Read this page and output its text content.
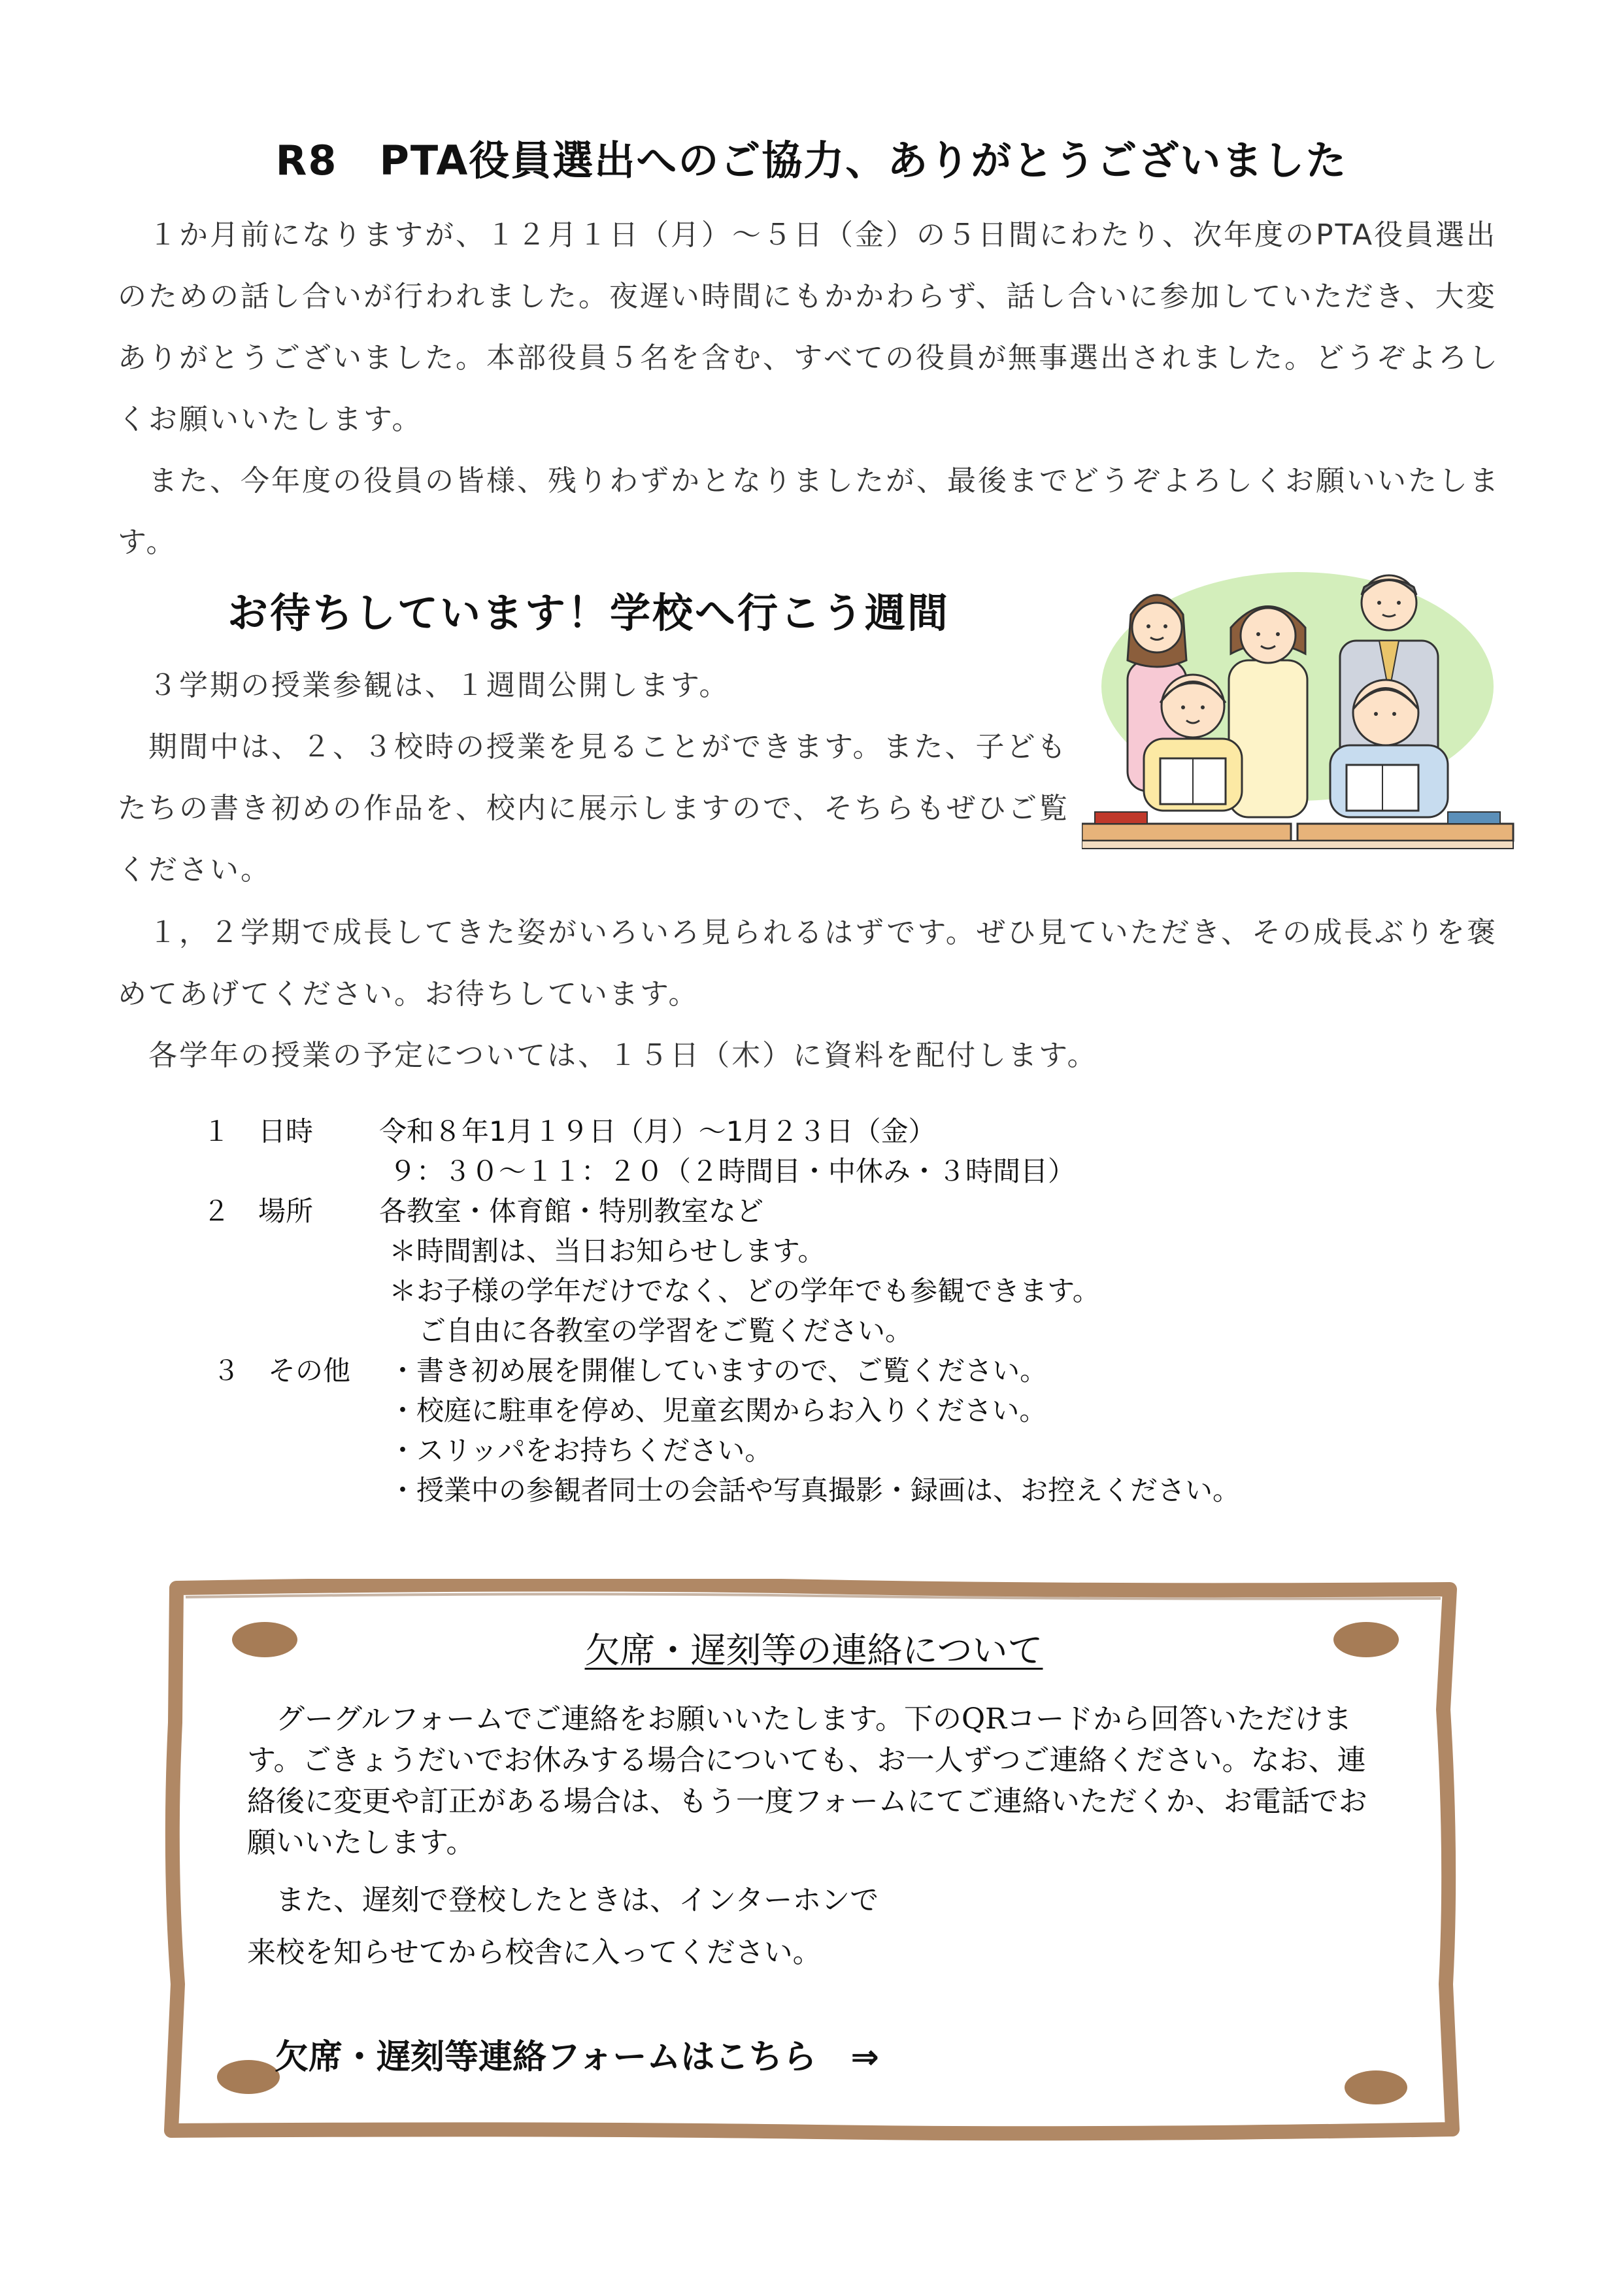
R8　PTA役員選出へのご協力、ありがとうございました

　１か月前になりますが、１２月１日（月）～５日（金）の５日間にわたり、次年度のPTA役員選出のための話し合いが行われました。夜遅い時間にもかかわらず、話し合いに参加していただき、大変ありがとうございました。本部役員５名を含む、すべての役員が無事選出されました。どうぞよろしくお願いいたします。

　また、今年度の役員の皆様、残りわずかとなりましたが、最後までどうぞよろしくお願いいたします。

お待ちしています！学校へ行こう週間

　３学期の授業参観は、１週間公開します。

　期間中は、２、３校時の授業を見ることができます。また、子どもたちの書き初めの作品を、校内に展示しますので、そちらもぜひご覧ください。

　１，２学期で成長してきた姿がいろいろ見られるはずです。ぜひ見ていただき、その成長ぶりを褒めてあげてください。お待ちしています。

　各学年の授業の予定については、１５日（木）に資料を配付します。

１ 日時 令和８年1月１９日（月）～1月２３日（金）
９：３０～１１：２０（２時間目・中休み・３時間目）
２ 場所 各教室・体育館・特別教室など
＊時間割は、当日お知らせします。
＊お子様の学年だけでなく、どの学年でも参観できます。
ご自由に各教室の学習をご覧ください。
３ その他 ・書き初め展を開催していますので、ご覧ください。
・校庭に駐車を停め、児童玄関からお入りください。
・スリッパをお持ちください。
・授業中の参観者同士の会話や写真撮影・録画は、お控えください。
欠席・遅刻等の連絡について

　グーグルフォームでご連絡をお願いいたします。下のQRコードから回答いただけます。ごきょうだいでお休みする場合についても、お一人ずつご連絡ください。なお、連絡後に変更や訂正がある場合は、もう一度フォームにてご連絡いただくか、お電話でお願いいたします。

　また、遅刻で登校したときは、インターホンで

来校を知らせてから校舎に入ってください。

欠席・遅刻等連絡フォームはこちら　⇒
